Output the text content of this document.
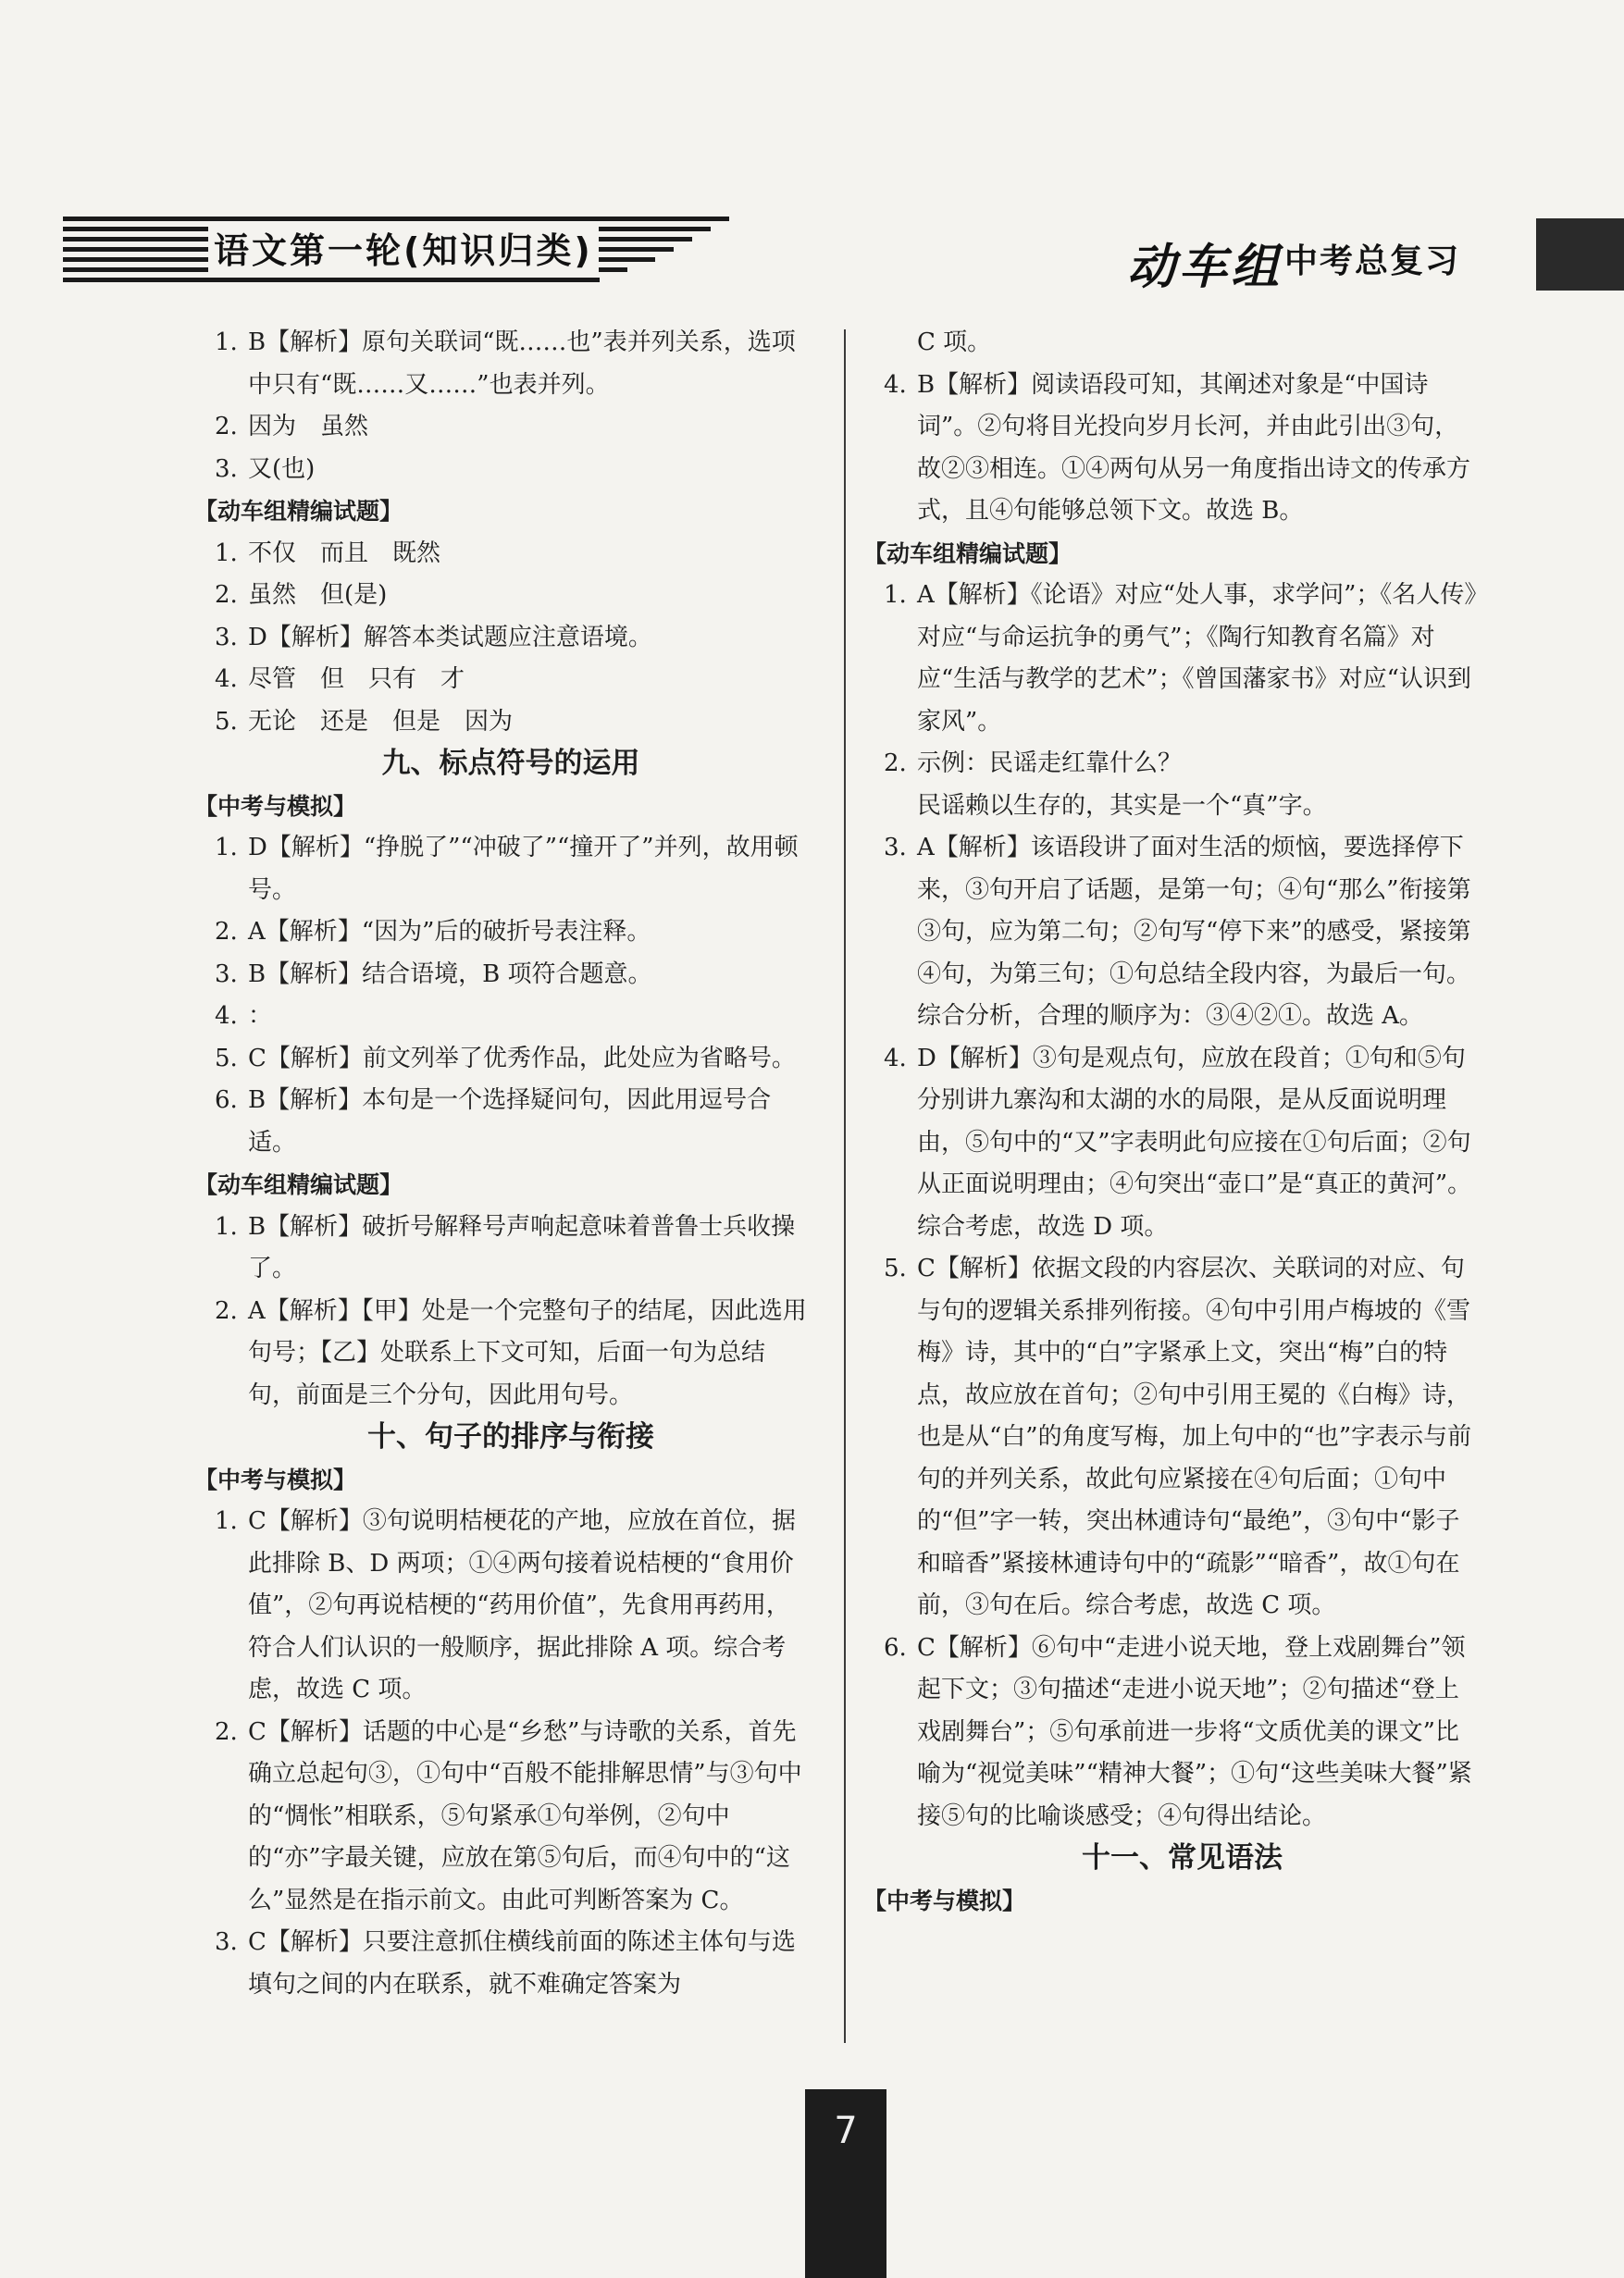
语文第一轮(知识归类)	动车组 中考总复习
1. B【解析】原句关联词“既……也”表并列关系，选项中只有“既……又……”也表并列。
2. 因为　虽然
3. 又(也)
【动车组精编试题】
1. 不仅　而且　既然
2. 虽然　但(是)
3. D【解析】解答本类试题应注意语境。
4. 尽管　但　只有　才
5. 无论　还是　但是　因为
九、标点符号的运用
【中考与模拟】
1. D【解析】“挣脱了”“冲破了”“撞开了”并列，故用顿号。
2. A【解析】“因为”后的破折号表注释。
3. B【解析】结合语境，B 项符合题意。
4. ：
5. C【解析】前文列举了优秀作品，此处应为省略号。
6. B【解析】本句是一个选择疑问句，因此用逗号合适。
【动车组精编试题】
1. B【解析】破折号解释号声响起意味着普鲁士兵收操了。
2. A【解析】【甲】处是一个完整句子的结尾，因此选用句号；【乙】处联系上下文可知，后面一句为总结句，前面是三个分句，因此用句号。
十、句子的排序与衔接
【中考与模拟】
1. C【解析】③句说明桔梗花的产地，应放在首位，据此排除 B、D 两项；①④两句接着说桔梗的“食用价值”，②句再说桔梗的“药用价值”，先食用再药用，符合人们认识的一般顺序，据此排除 A 项。综合考虑，故选 C 项。
2. C【解析】话题的中心是“乡愁”与诗歌的关系，首先确立总起句③，①句中“百般不能排解思情”与③句中的“惆怅”相联系，⑤句紧承①句举例，②句中的“亦”字最关键，应放在第⑤句后，而④句中的“这么”显然是在指示前文。由此可判断答案为 C。
3. C【解析】只要注意抓住横线前面的陈述主体句与选填句之间的内在联系，就不难确定答案为
C 项。
4. B【解析】阅读语段可知，其阐述对象是“中国诗词”。②句将目光投向岁月长河，并由此引出③句，故②③相连。①④两句从另一角度指出诗文的传承方式，且④句能够总领下文。故选 B。
【动车组精编试题】
1. A【解析】《论语》对应“处人事，求学问”；《名人传》对应“与命运抗争的勇气”；《陶行知教育名篇》对应“生活与教学的艺术”；《曾国藩家书》对应“认识到家风”。
2. 示例：民谣走红靠什么？
民谣赖以生存的，其实是一个“真”字。
3. A【解析】该语段讲了面对生活的烦恼，要选择停下来，③句开启了话题，是第一句；④句“那么”衔接第③句，应为第二句；②句写“停下来”的感受，紧接第④句，为第三句；①句总结全段内容，为最后一句。综合分析，合理的顺序为：③④②①。故选 A。
4. D【解析】③句是观点句，应放在段首；①句和⑤句分别讲九寨沟和太湖的水的局限，是从反面说明理由，⑤句中的“又”字表明此句应接在①句后面；②句从正面说明理由；④句突出“壶口”是“真正的黄河”。综合考虑，故选 D 项。
5. C【解析】依据文段的内容层次、关联词的对应、句与句的逻辑关系排列衔接。④句中引用卢梅坡的《雪梅》诗，其中的“白”字紧承上文，突出“梅”白的特点，故应放在首句；②句中引用王冕的《白梅》诗，也是从“白”的角度写梅，加上句中的“也”字表示与前句的并列关系，故此句应紧接在④句后面；①句中的“但”字一转，突出林逋诗句“最绝”，③句中“影子和暗香”紧接林逋诗句中的“疏影”“暗香”，故①句在前，③句在后。综合考虑，故选 C 项。
6. C【解析】⑥句中“走进小说天地，登上戏剧舞台”领起下文；③句描述“走进小说天地”；②句描述“登上戏剧舞台”；⑤句承前进一步将“文质优美的课文”比喻为“视觉美味”“精神大餐”；①句“这些美味大餐”紧接⑤句的比喻谈感受；④句得出结论。
十一、常见语法
【中考与模拟】
7
